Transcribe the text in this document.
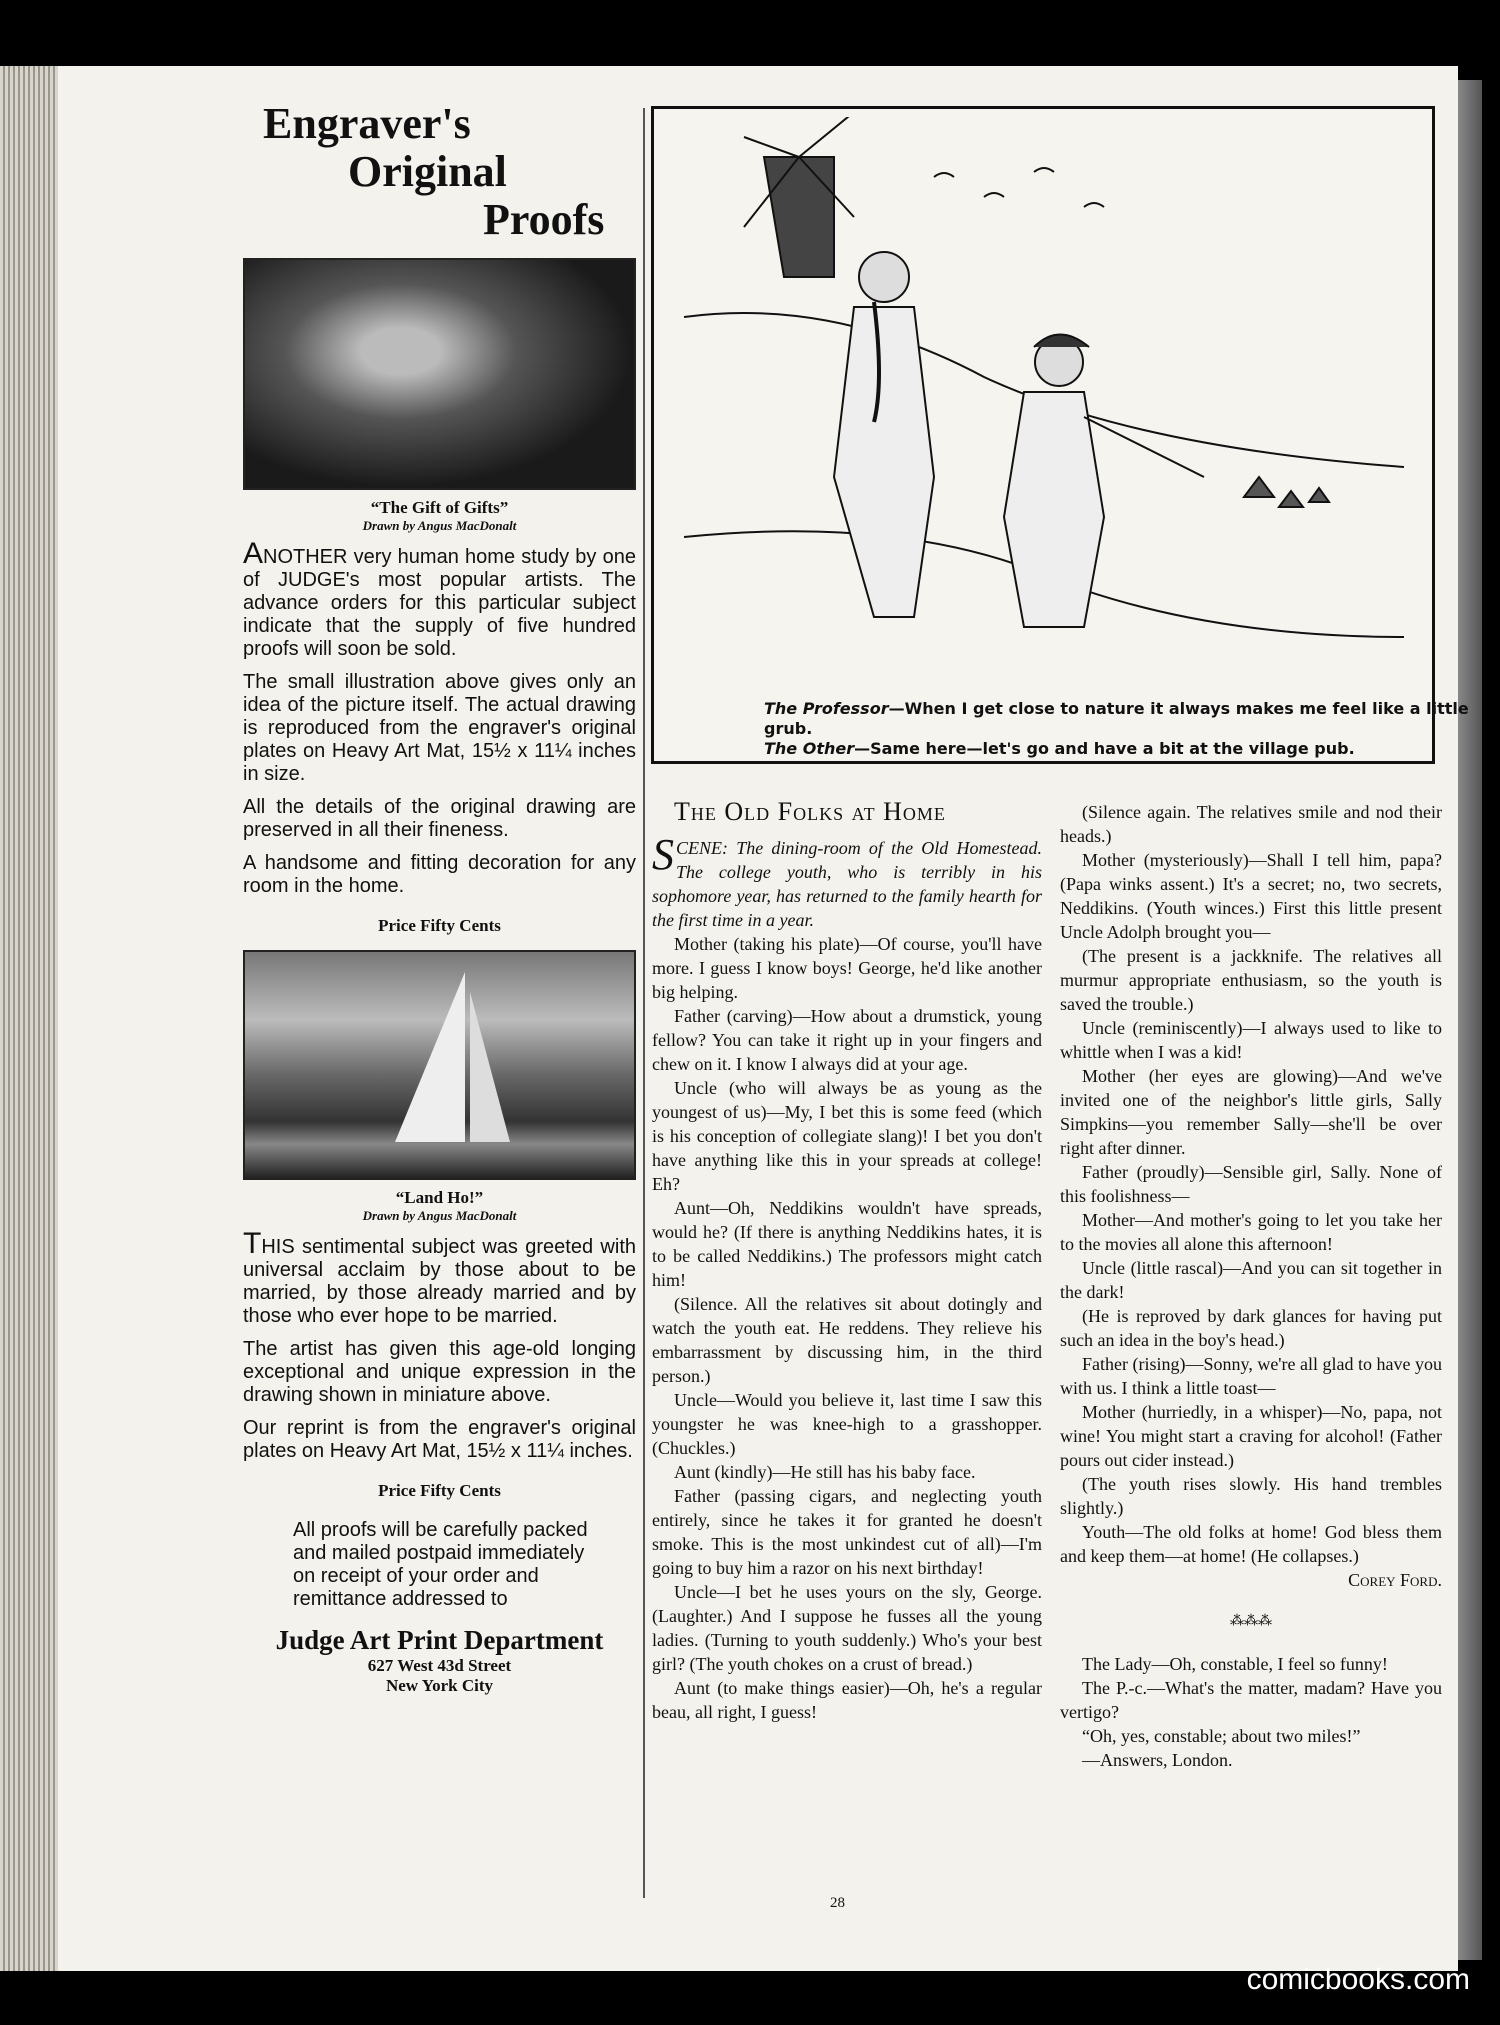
Engraver's
Original
Proofs
“The Gift of Gifts”
Drawn by Angus MacDonalt

ANOTHER very human home study by one of JUDGE's most popular artists. The advance orders for this particular subject indicate that the supply of five hundred proofs will soon be sold.

The small illustration above gives only an idea of the picture itself. The actual drawing is reproduced from the engraver's original plates on Heavy Art Mat, 15½ x 11¼ inches in size.

All the details of the original drawing are preserved in all their fineness.

A handsome and fitting decoration for any room in the home.

Price Fifty Cents
“Land Ho!”
Drawn by Angus MacDonalt

THIS sentimental subject was greeted with universal acclaim by those about to be married, by those already married and by those who ever hope to be married.

The artist has given this age-old longing exceptional and unique expression in the drawing shown in miniature above.

Our reprint is from the engraver's original plates on Heavy Art Mat, 15½ x 11¼ inches.

Price Fifty Cents

All proofs will be carefully packed and mailed postpaid immediately on receipt of your order and remittance addressed to

Judge Art Print Department
627 West 43d Street
New York City
The Professor—When I get close to nature it always makes me feel like a little grub.
The Other—Same here—let's go and have a bit at the village pub.
The Old Folks at Home

SCENE: The dining-room of the Old Homestead. The college youth, who is terribly in his sophomore year, has returned to the family hearth for the first time in a year.

Mother (taking his plate)—Of course, you'll have more. I guess I know boys! George, he'd like another big helping.

Father (carving)—How about a drumstick, young fellow? You can take it right up in your fingers and chew on it. I know I always did at your age.

Uncle (who will always be as young as the youngest of us)—My, I bet this is some feed (which is his conception of collegiate slang)! I bet you don't have anything like this in your spreads at college! Eh?

Aunt—Oh, Neddikins wouldn't have spreads, would he? (If there is anything Neddikins hates, it is to be called Neddikins.) The professors might catch him!

(Silence. All the relatives sit about dotingly and watch the youth eat. He reddens. They relieve his embarrassment by discussing him, in the third person.)

Uncle—Would you believe it, last time I saw this youngster he was knee-high to a grasshopper. (Chuckles.)

Aunt (kindly)—He still has his baby face.

Father (passing cigars, and neglecting youth entirely, since he takes it for granted he doesn't smoke. This is the most unkindest cut of all)—I'm going to buy him a razor on his next birthday!

Uncle—I bet he uses yours on the sly, George. (Laughter.) And I suppose he fusses all the young ladies. (Turning to youth suddenly.) Who's your best girl? (The youth chokes on a crust of bread.)

Aunt (to make things easier)—Oh, he's a regular beau, all right, I guess!

(Silence again. The relatives smile and nod their heads.)

Mother (mysteriously)—Shall I tell him, papa? (Papa winks assent.) It's a secret; no, two secrets, Neddikins. (Youth winces.) First this little present Uncle Adolph brought you—

(The present is a jackknife. The relatives all murmur appropriate enthusiasm, so the youth is saved the trouble.)

Uncle (reminiscently)—I always used to like to whittle when I was a kid!

Mother (her eyes are glowing)—And we've invited one of the neighbor's little girls, Sally Simpkins—you remember Sally—she'll be over right after dinner.

Father (proudly)—Sensible girl, Sally. None of this foolishness—

Mother—And mother's going to let you take her to the movies all alone this afternoon!

Uncle (little rascal)—And you can sit together in the dark!

(He is reproved by dark glances for having put such an idea in the boy's head.)

Father (rising)—Sonny, we're all glad to have you with us. I think a little toast—

Mother (hurriedly, in a whisper)—No, papa, not wine! You might start a craving for alcohol! (Father pours out cider instead.)

(The youth rises slowly. His hand trembles slightly.)

Youth—The old folks at home! God bless them and keep them—at home! (He collapses.)

Corey Ford.

⁂⁂⁂

The Lady—Oh, constable, I feel so funny!

The P.-c.—What's the matter, madam? Have you vertigo?

“Oh, yes, constable; about two miles!”

—Answers, London.

28
comicbooks.com
